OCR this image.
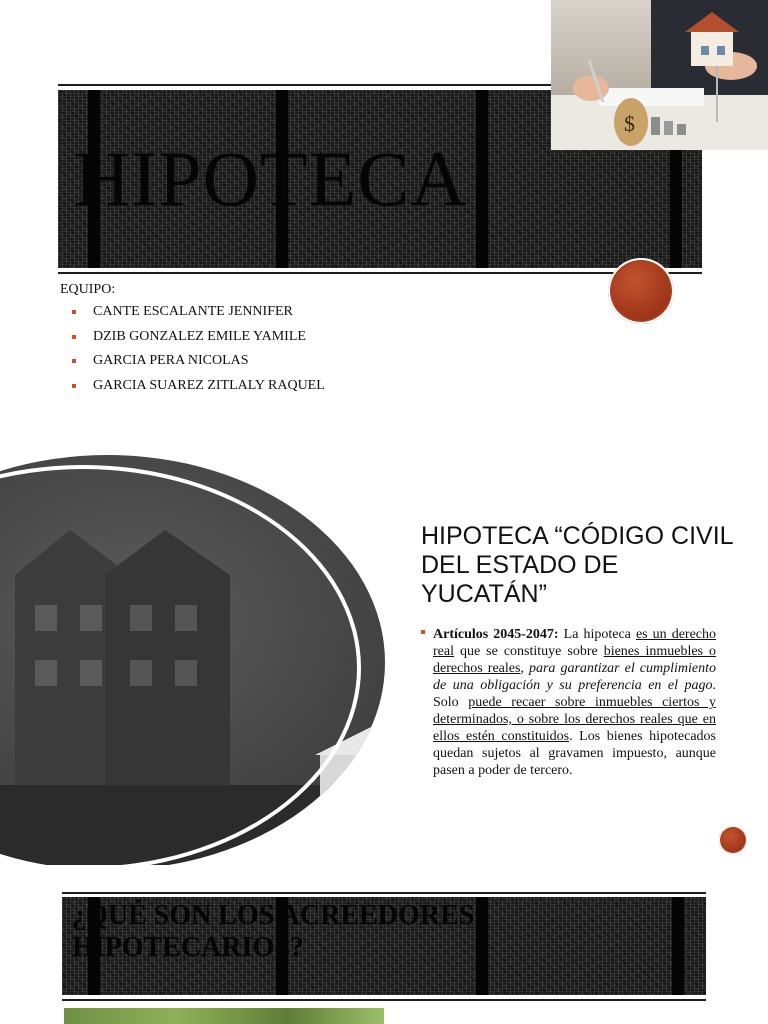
HIPOTECA
$
EQUIPO:
CANTE ESCALANTE JENNIFER
DZIB GONZALEZ EMILE YAMILE
GARCIA PERA NICOLAS
GARCIA SUAREZ ZITLALY RAQUEL
HIPOTECA “CÓDIGO CIVIL DEL ESTADO DE YUCATÁN”
Artículos 2045-2047: La hipoteca es un derecho real que se constituye sobre bienes inmuebles o derechos reales, para garantizar el cumplimiento de una obligación y su preferencia en el pago. Solo puede recaer sobre inmuebles ciertos y determinados, o sobre los derechos reales que en ellos estén constituidos. Los bienes hipotecados quedan sujetos al gravamen impuesto, aunque pasen a poder de tercero.
¿QUÉ SON LOS ACREEDORES HIPOTECARIOS?
